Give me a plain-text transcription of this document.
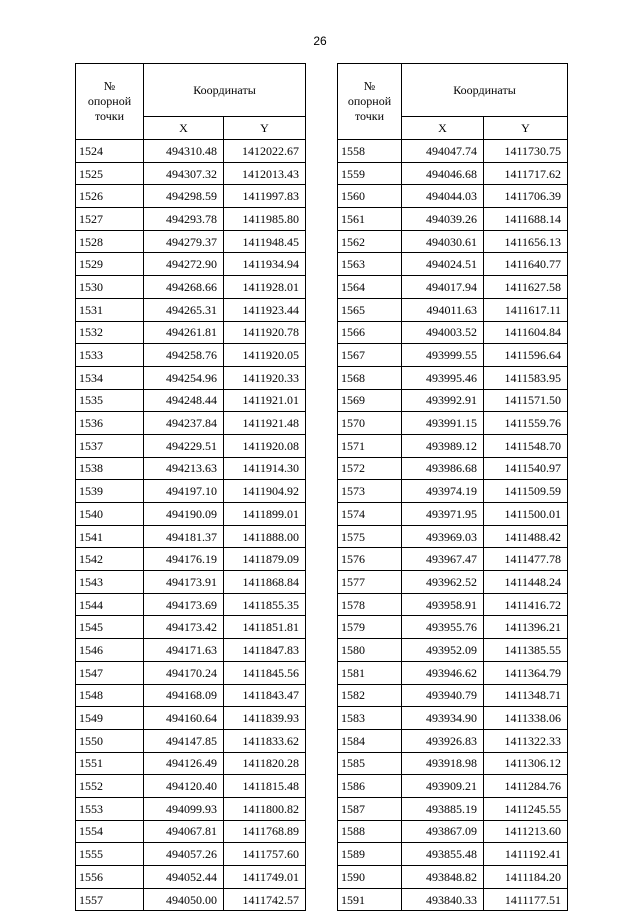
26
№
опорной
точки	Координаты	
	X	Y
1524	494310.48	1412022.67
1525	494307.32	1412013.43
1526	494298.59	1411997.83
1527	494293.78	1411985.80
1528	494279.37	1411948.45
1529	494272.90	1411934.94
1530	494268.66	1411928.01
1531	494265.31	1411923.44
1532	494261.81	1411920.78
1533	494258.76	1411920.05
1534	494254.96	1411920.33
1535	494248.44	1411921.01
1536	494237.84	1411921.48
1537	494229.51	1411920.08
1538	494213.63	1411914.30
1539	494197.10	1411904.92
1540	494190.09	1411899.01
1541	494181.37	1411888.00
1542	494176.19	1411879.09
1543	494173.91	1411868.84
1544	494173.69	1411855.35
1545	494173.42	1411851.81
1546	494171.63	1411847.83
1547	494170.24	1411845.56
1548	494168.09	1411843.47
1549	494160.64	1411839.93
1550	494147.85	1411833.62
1551	494126.49	1411820.28
1552	494120.40	1411815.48
1553	494099.93	1411800.82
1554	494067.81	1411768.89
1555	494057.26	1411757.60
1556	494052.44	1411749.01
1557	494050.00	1411742.57
№
опорной
точки	Координаты	
	X	Y
1558	494047.74	1411730.75
1559	494046.68	1411717.62
1560	494044.03	1411706.39
1561	494039.26	1411688.14
1562	494030.61	1411656.13
1563	494024.51	1411640.77
1564	494017.94	1411627.58
1565	494011.63	1411617.11
1566	494003.52	1411604.84
1567	493999.55	1411596.64
1568	493995.46	1411583.95
1569	493992.91	1411571.50
1570	493991.15	1411559.76
1571	493989.12	1411548.70
1572	493986.68	1411540.97
1573	493974.19	1411509.59
1574	493971.95	1411500.01
1575	493969.03	1411488.42
1576	493967.47	1411477.78
1577	493962.52	1411448.24
1578	493958.91	1411416.72
1579	493955.76	1411396.21
1580	493952.09	1411385.55
1581	493946.62	1411364.79
1582	493940.79	1411348.71
1583	493934.90	1411338.06
1584	493926.83	1411322.33
1585	493918.98	1411306.12
1586	493909.21	1411284.76
1587	493885.19	1411245.55
1588	493867.09	1411213.60
1589	493855.48	1411192.41
1590	493848.82	1411184.20
1591	493840.33	1411177.51
